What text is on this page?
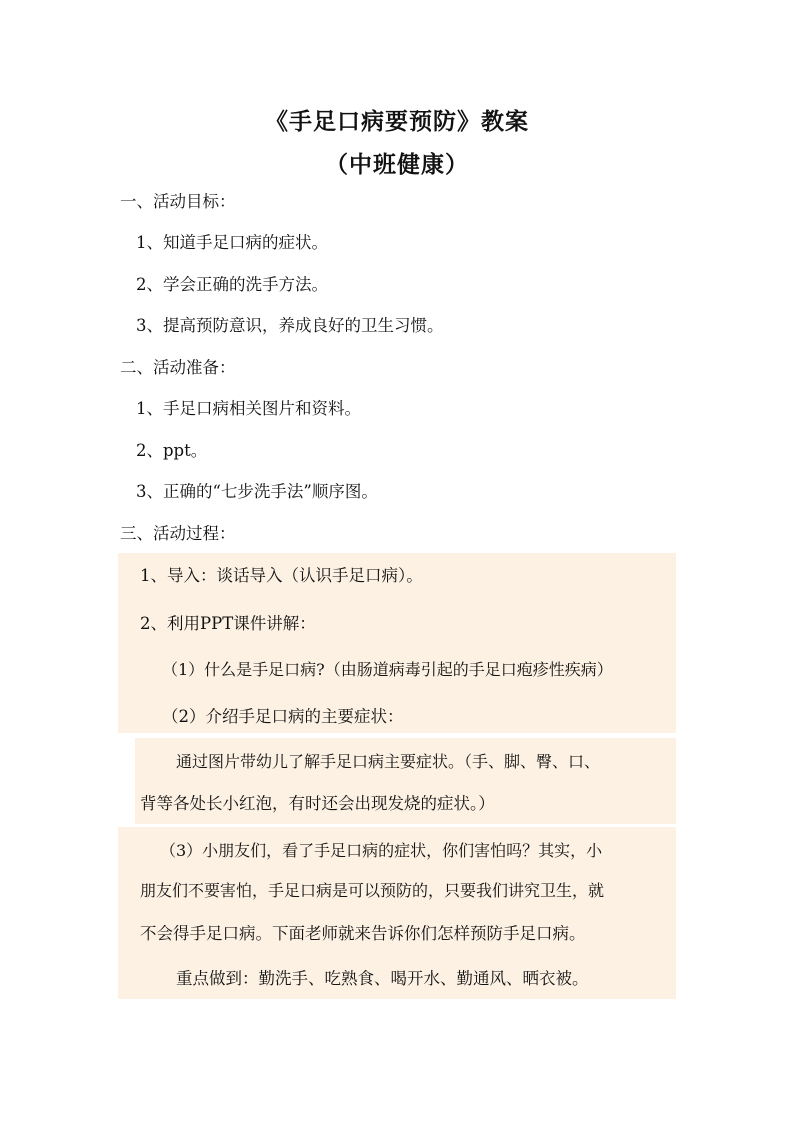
《手足口病要预防》教案
（中班健康）
一、活动目标：
1、知道手足口病的症状。
2、学会正确的洗手方法。
3、提高预防意识，养成良好的卫生习惯。
二、活动准备：
1、手足口病相关图片和资料。
2、ppt。
3、正确的“七步洗手法”顺序图。
三、活动过程：
1、导入：谈话导入（认识手足口病）。
2、利用PPT课件讲解：
（1）什么是手足口病?（由肠道病毒引起的手足口疱疹性疾病）
（2）介绍手足口病的主要症状：
通过图片带幼儿了解手足口病主要症状。（手、脚、臀、口、
背等各处长小红泡，有时还会出现发烧的症状。）
（3）小朋友们，看了手足口病的症状，你们害怕吗？其实，小
朋友们不要害怕，手足口病是可以预防的，只要我们讲究卫生，就
不会得手足口病。下面老师就来告诉你们怎样预防手足口病。
重点做到：勤洗手、吃熟食、喝开水、勤通风、晒衣被。
